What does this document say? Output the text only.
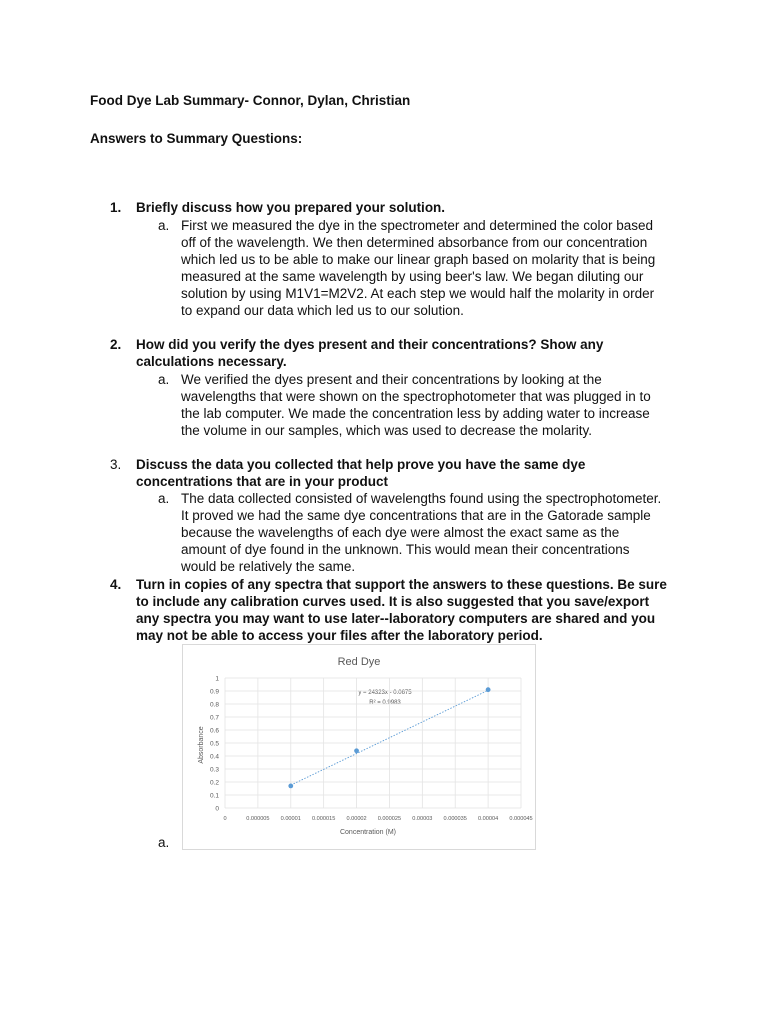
Food Dye Lab Summary- Connor, Dylan, Christian
Answers to Summary Questions:
1. Briefly discuss how you prepared your solution.
a. First we measured the dye in the spectrometer and determined the color based off of the wavelength. We then determined absorbance from our concentration which led us to be able to make our linear graph based on molarity that is being measured at the same wavelength by using beer's law. We began diluting our solution by using M1V1=M2V2. At each step we would half the molarity in order to expand our data which led us to our solution.
2. How did you verify the dyes present and their concentrations? Show any calculations necessary.
a. We verified the dyes present and their concentrations by looking at the wavelengths that were shown on the spectrophotometer that was plugged in to the lab computer. We made the concentration less by adding water to increase the volume in our samples, which was used to decrease the molarity.
3. Discuss the data you collected that help prove you have the same dye concentrations that are in your product
a. The data collected consisted of wavelengths found using the spectrophotometer. It proved we had the same dye concentrations that are in the Gatorade sample because the wavelengths of each dye were almost the exact same as the amount of dye found in the unknown. This would mean their concentrations would be relatively the same.
4. Turn in copies of any spectra that support the answers to these questions. Be sure to include any calibration curves used. It is also suggested that you save/export any spectra you may want to use later--laboratory computers are shared and you may not be able to access your files after the laboratory period.
Red Dye
Absorbance
Concentration (M)
y = 24323x - 0.0675
R² = 0.9983
0
0.1
0.2
0.3
0.4
0.5
0.6
0.7
0.8
0.9
1
0	0.000005 0.00001 0.000015 0.00002 0.000025 0.00003 0.000035 0.00004 0.000045
a.
